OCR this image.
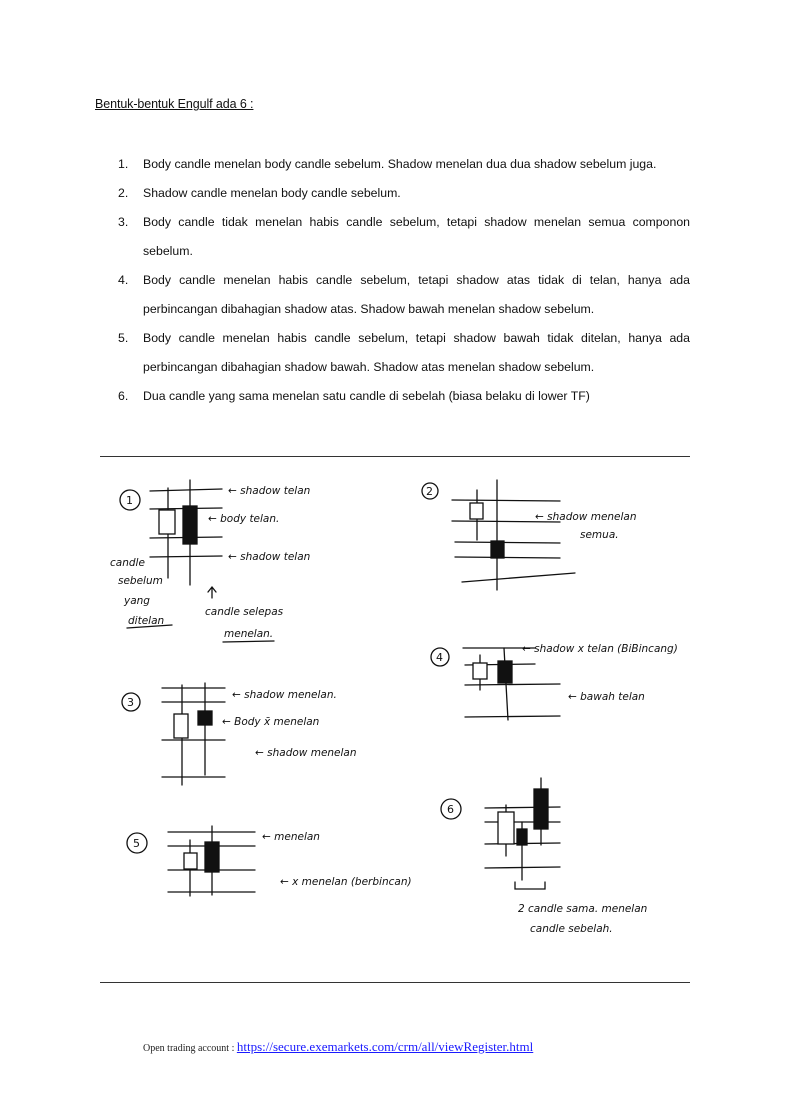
Bentuk-bentuk Engulf ada 6 :
1. Body candle menelan body candle sebelum. Shadow menelan dua dua shadow sebelum juga.
2. Shadow candle menelan body candle sebelum.
3. Body candle tidak menelan habis candle sebelum, tetapi shadow menelan semua componon sebelum.
4. Body candle menelan habis candle sebelum, tetapi shadow atas tidak di telan, hanya ada perbincangan dibahagian shadow atas. Shadow bawah menelan shadow sebelum.
5. Body candle menelan habis candle sebelum, tetapi shadow bawah tidak ditelan, hanya ada perbincangan dibahagian shadow bawah. Shadow atas menelan shadow sebelum.
6. Dua candle yang sama menelan satu candle di sebelah (biasa belaku di lower TF)
1
← shadow telan
← body telan.
← shadow telan
candle
sebelum
yang
ditelan
candle selepas
menelan.
2
← shadow menelan
semua.
3
← shadow menelan.
← Body x̄ menelan
← shadow menelan
4
← shadow x telan (BiBincang)
← bawah telan
5	← menelan
← x menelan (berbincan)
6
2 candle sama. menelan
candle sebelah.
Open trading account : https://secure.exemarkets.com/crm/all/viewRegister.html
